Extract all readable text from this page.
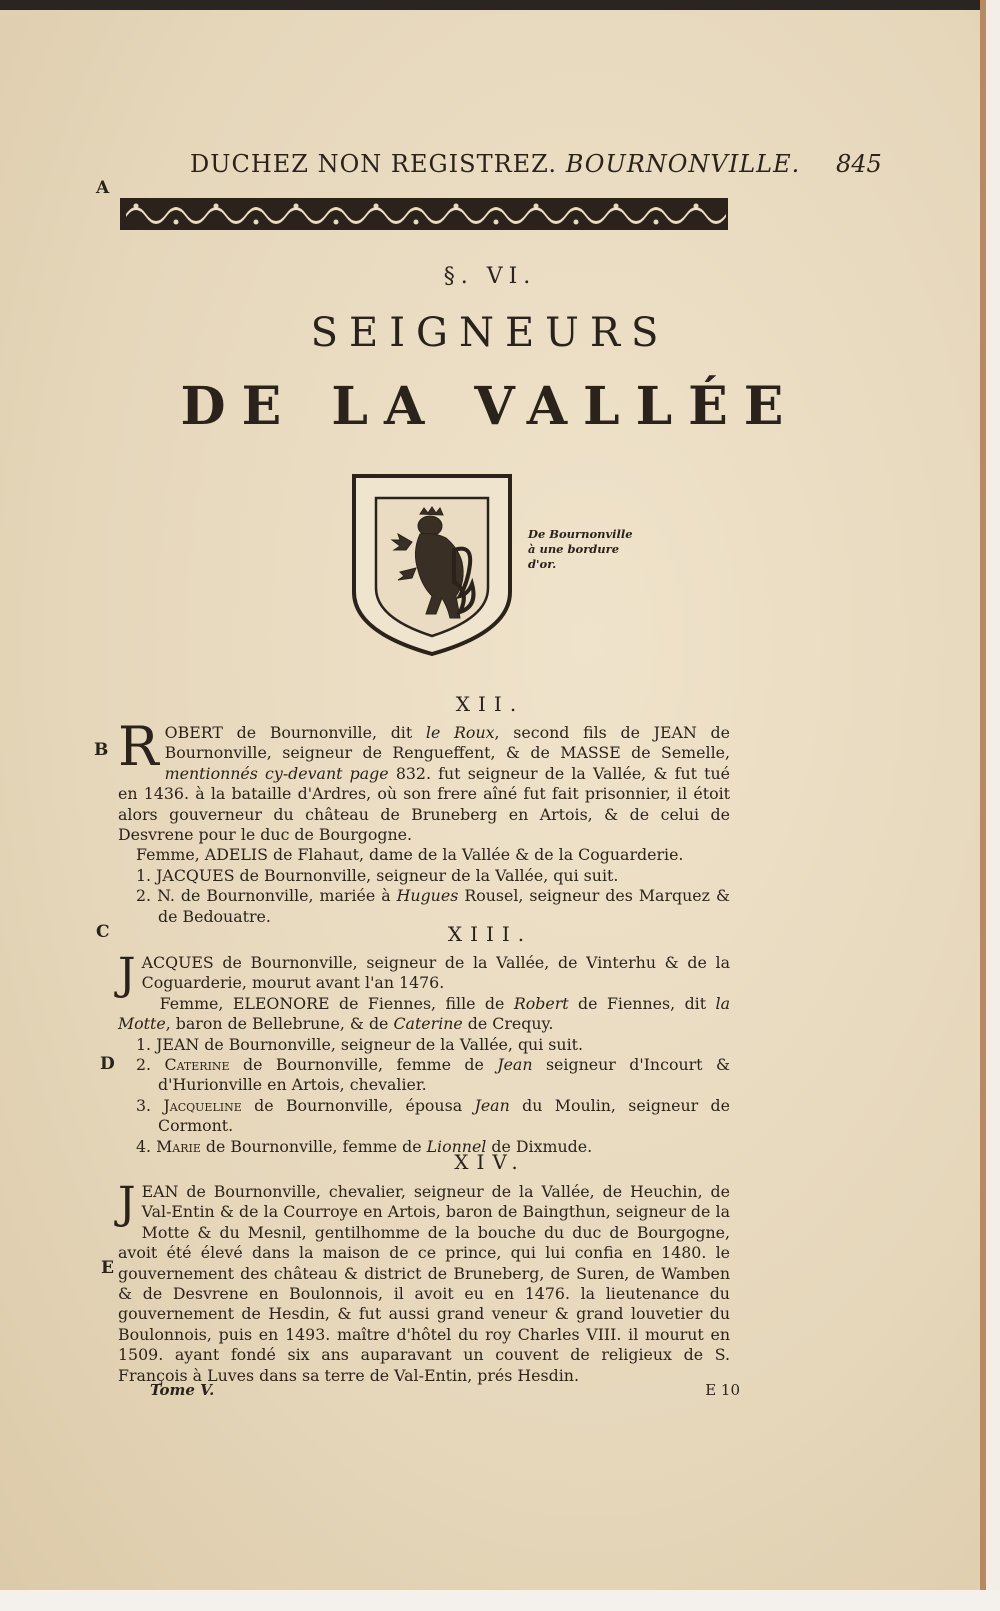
DUCHEZ NON REGISTREZ. BOURNONVILLE. 845
A
B
C
D
E
§. VI.
SEIGNEURS
DE LA VALLÉE
De Bournonville
à une bordure
d'or.
XII.
R OBERT de Bournonville, dit le Roux, second fils de JEAN de Bournonville, seigneur de Rengueffent, & de MASSE de Semelle, mentionnés cy-devant page 832. fut seigneur de la Vallée, & fut tué en 1436. à la bataille d'Ardres, où son frere aîné fut fait prisonnier, il étoit alors gouverneur du château de Bruneberg en Artois, & de celui de Desvrene pour le duc de Bourgogne.
Femme, ADELIS de Flahaut, dame de la Vallée & de la Coguarderie.
1. JACQUES de Bournonville, seigneur de la Vallée, qui suit.
2. N. de Bournonville, mariée à Hugues Rousel, seigneur des Marquez & de Bedouatre.
XIII.
J ACQUES de Bournonville, seigneur de la Vallée, de Vinterhu & de la Coguarderie, mourut avant l'an 1476.
Femme, ELEONORE de Fiennes, fille de Robert de Fiennes, dit la Motte, baron de Bellebrune, & de Caterine de Crequy.
1. JEAN de Bournonville, seigneur de la Vallée, qui suit.
2. Caterine de Bournonville, femme de Jean seigneur d'Incourt & d'Hurionville en Artois, chevalier.
3. Jacqueline de Bournonville, épousa Jean du Moulin, seigneur de Cormont.
4. Marie de Bournonville, femme de Lionnel de Dixmude.
XIV.
J EAN de Bournonville, chevalier, seigneur de la Vallée, de Heuchin, de Val-Entin & de la Courroye en Artois, baron de Baingthun, seigneur de la Motte & du Mesnil, gentilhomme de la bouche du duc de Bourgogne, avoit été élevé dans la maison de ce prince, qui lui confia en 1480. le gouvernement des château & district de Bruneberg, de Suren, de Wamben & de Desvrene en Boulonnois, il avoit eu en 1476. la lieutenance du gouvernement de Hesdin, & fut aussi grand veneur & grand louvetier du Boulonnois, puis en 1493. maître d'hôtel du roy Charles VIII. il mourut en 1509. ayant fondé six ans auparavant un couvent de religieux de S. François à Luves dans sa terre de Val-Entin, prés Hesdin.
Tome V.	E 10
